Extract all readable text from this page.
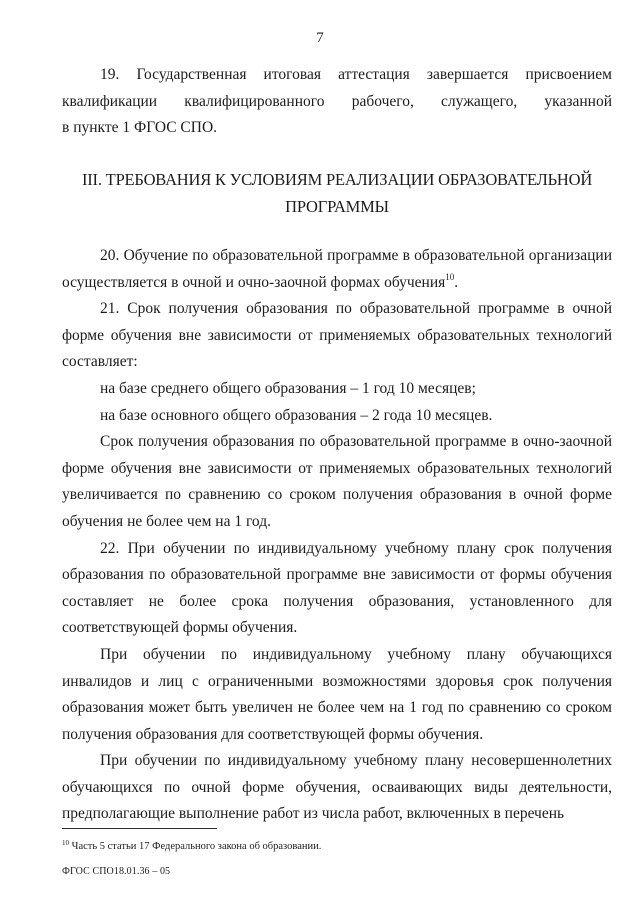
7

19. Государственная итоговая аттестация завершается присвоением

квалификации квалифицированного рабочего, служащего, указанной

в пункте 1 ФГОС СПО.

III. ТРЕБОВАНИЯ К УСЛОВИЯМ РЕАЛИЗАЦИИ ОБРАЗОВАТЕЛЬНОЙ
ПРОГРАММЫ

20. Обучение по образовательной программе в образовательной организации осуществляется в очной и очно-заочной формах обучения$^{10}$.

21. Срок получения образования по образовательной программе в очной форме обучения вне зависимости от применяемых образовательных технологий составляет:

на базе среднего общего образования – 1 год 10 месяцев;

на базе основного общего образования – 2 года 10 месяцев.

Срок получения образования по образовательной программе в очно-заочной форме обучения вне зависимости от применяемых образовательных технологий увеличивается по сравнению со сроком получения образования в очной форме обучения не более чем на 1 год.

22. При обучении по индивидуальному учебному плану срок получения образования по образовательной программе вне зависимости от формы обучения составляет не более срока получения образования, установленного для соответствующей формы обучения.

При обучении по индивидуальному учебному плану обучающихся инвалидов и лиц с ограниченными возможностями здоровья срок получения образования может быть увеличен не более чем на 1 год по сравнению со сроком получения образования для соответствующей формы обучения.

При обучении по индивидуальному учебному плану несовершеннолетних обучающихся по очной форме обучения, осваивающих виды деятельности, предполагающие выполнение работ из числа работ, включенных в перечень

$^{10}$ Часть 5 статьи 17 Федерального закона об образовании.
ФГОС СПО18.01.36 – 05
